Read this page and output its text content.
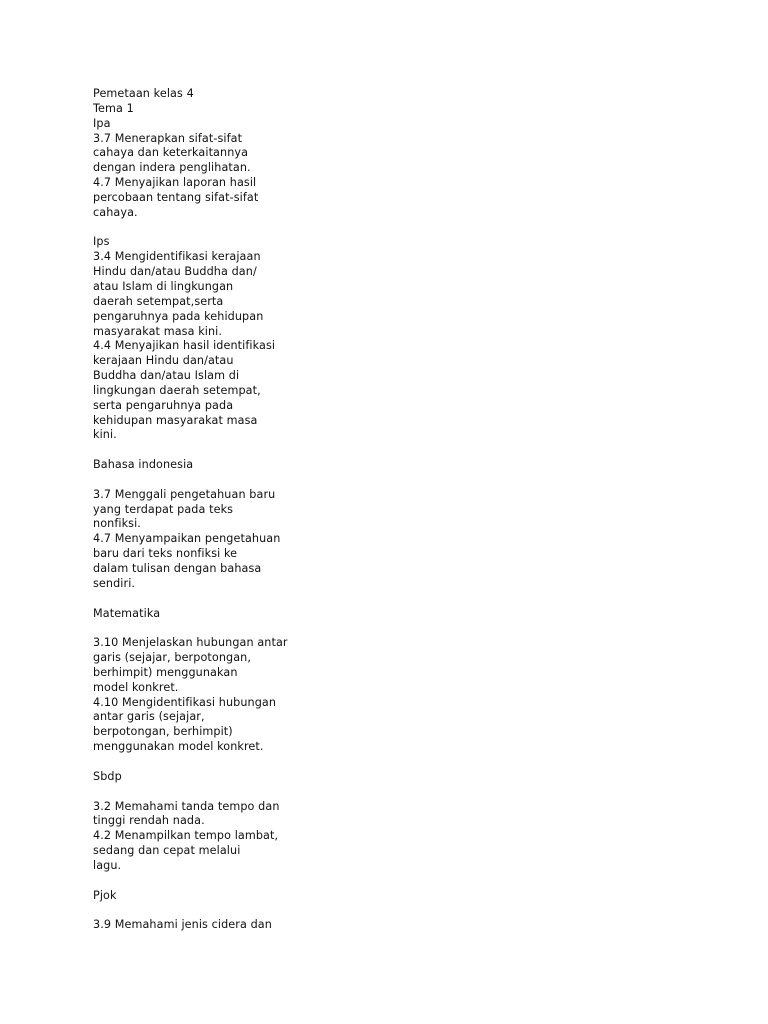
Pemetaan kelas 4
Tema 1
Ipa
3.7 Menerapkan sifat-sifat
cahaya dan keterkaitannya
dengan indera penglihatan.
4.7 Menyajikan laporan hasil
percobaan tentang sifat-sifat
cahaya.
Ips
3.4 Mengidentifikasi kerajaan
Hindu dan/atau Buddha dan/
atau Islam di lingkungan
daerah setempat,serta
pengaruhnya pada kehidupan
masyarakat masa kini.
4.4 Menyajikan hasil identifikasi
kerajaan Hindu dan/atau
Buddha dan/atau Islam di
lingkungan daerah setempat,
serta pengaruhnya pada
kehidupan masyarakat masa
kini.
Bahasa indonesia
3.7 Menggali pengetahuan baru
yang terdapat pada teks
nonfiksi.
4.7 Menyampaikan pengetahuan
baru dari teks nonfiksi ke
dalam tulisan dengan bahasa
sendiri.
Matematika
3.10 Menjelaskan hubungan antar
garis (sejajar, berpotongan,
berhimpit) menggunakan
model konkret.
4.10 Mengidentifikasi hubungan
antar garis (sejajar,
berpotongan, berhimpit)
menggunakan model konkret.
Sbdp
3.2 Memahami tanda tempo dan
tinggi rendah nada.
4.2 Menampilkan tempo lambat,
sedang dan cepat melalui
lagu.
Pjok
3.9 Memahami jenis cidera dan
